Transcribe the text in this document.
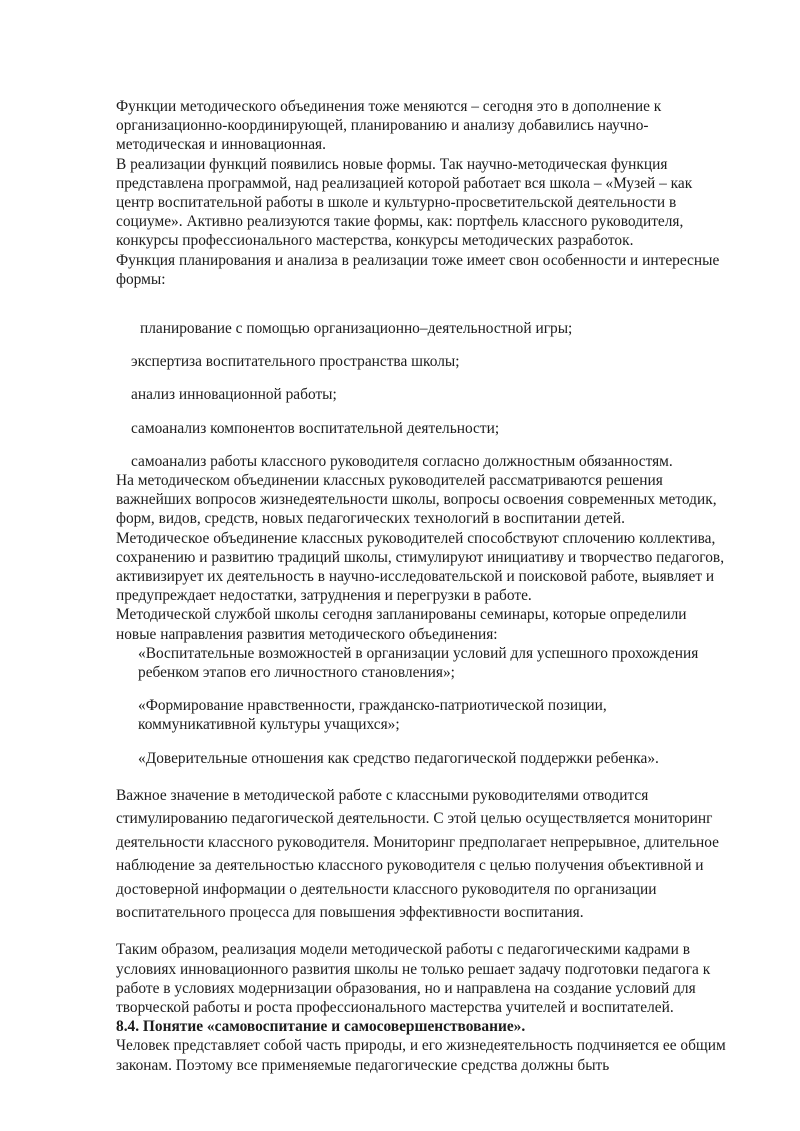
Функции методического объединения тоже меняются – сегодня это в дополнение к организационно-координирующей, планированию и анализу добавились научно-методическая и инновационная.

В реализации функций появились новые формы. Так научно-методическая функция представлена программой, над реализацией которой работает вся школа – «Музей – как центр воспитательной работы в школе и культурно-просветительской деятельности в социуме». Активно реализуются такие формы, как: портфель классного руководителя, конкурсы профессионального мастерства, конкурсы методических разработок.

Функция планирования и анализа в реализации тоже имеет свон особенности и интересные формы:

планирование с помощью организационно–деятельностной игры;

экспертиза воспитательного пространства школы;

анализ инновационной работы;

самоанализ компонентов воспитательной деятельности;

самоанализ работы классного руководителя согласно должностным обязанностям.

На методическом объединении классных руководителей рассматриваются решения важнейших вопросов жизнедеятельности школы, вопросы освоения современных методик, форм, видов, средств, новых педагогических технологий в воспитании детей.

Методическое объединение классных руководителей способствуют сплочению коллектива, сохранению и развитию традиций школы, стимулируют инициативу и творчество педагогов, активизирует их деятельность в научно-исследовательской и поисковой работе, выявляет и предупреждает недостатки, затруднения и перегрузки в работе.

Методической службой школы сегодня запланированы семинары, которые определили новые направления развития методического объединения:

«Воспитательные возможностей в организации условий для успешного прохождения ребенком этапов его личностного становления»;

«Формирование нравственности, гражданско-патриотической позиции, коммуникативной культуры учащихся»;

«Доверительные отношения как средство педагогической поддержки ребенка».

Важное значение в методической работе с классными руководителями отводится стимулированию педагогической деятельности. С этой целью осуществляется мониторинг деятельности классного руководителя. Мониторинг предполагает непрерывное, длительное наблюдение за деятельностью классного руководителя с целью получения объективной и достоверной информации о деятельности классного руководителя по организации воспитательного процесса для повышения эффективности воспитания.

Таким образом, реализация модели методической работы с педагогическими кадрами в условиях инновационного развития школы не только решает задачу подготовки педагога к работе в условиях модернизации образования, но и направлена на создание условий для творческой работы и роста профессионального мастерства учителей и воспитателей.

8.4. Понятие «самовоспитание и самосовершенствование».

Человек представляет собой часть природы, и его жизнедеятельность подчиняется ее общим законам. Поэтому все применяемые педагогические средства должны быть
